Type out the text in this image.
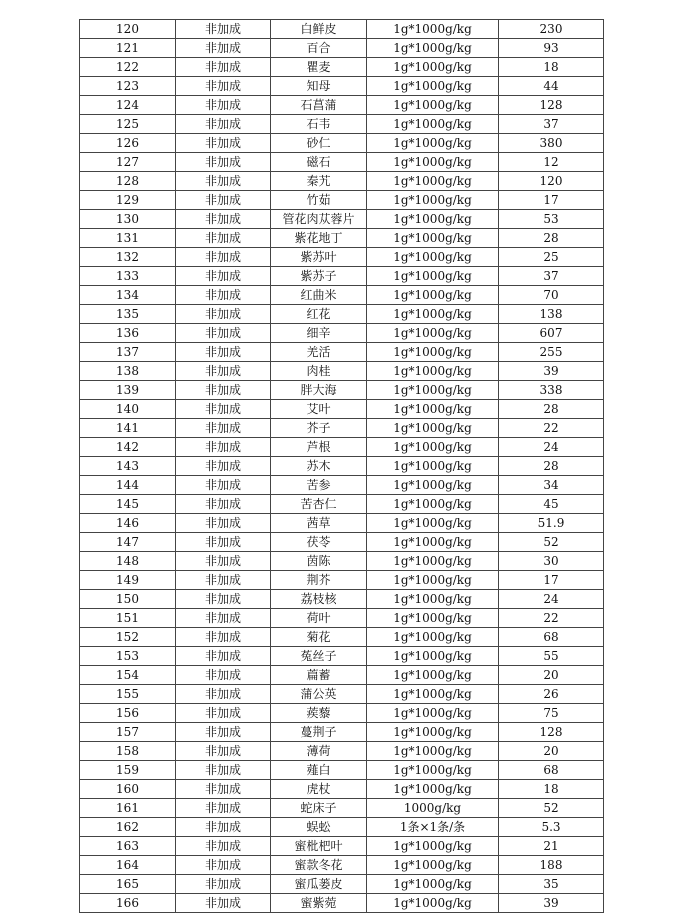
120	非加成	白鲜皮	1g*1000g/kg	230
121	非加成	百合	1g*1000g/kg	93
122	非加成	瞿麦	1g*1000g/kg	18
123	非加成	知母	1g*1000g/kg	44
124	非加成	石菖蒲	1g*1000g/kg	128
125	非加成	石韦	1g*1000g/kg	37
126	非加成	砂仁	1g*1000g/kg	380
127	非加成	磁石	1g*1000g/kg	12
128	非加成	秦艽	1g*1000g/kg	120
129	非加成	竹茹	1g*1000g/kg	17
130	非加成	管花肉苁蓉片	1g*1000g/kg	53
131	非加成	紫花地丁	1g*1000g/kg	28
132	非加成	紫苏叶	1g*1000g/kg	25
133	非加成	紫苏子	1g*1000g/kg	37
134	非加成	红曲米	1g*1000g/kg	70
135	非加成	红花	1g*1000g/kg	138
136	非加成	细辛	1g*1000g/kg	607
137	非加成	羌活	1g*1000g/kg	255
138	非加成	肉桂	1g*1000g/kg	39
139	非加成	胖大海	1g*1000g/kg	338
140	非加成	艾叶	1g*1000g/kg	28
141	非加成	芥子	1g*1000g/kg	22
142	非加成	芦根	1g*1000g/kg	24
143	非加成	苏木	1g*1000g/kg	28
144	非加成	苦参	1g*1000g/kg	34
145	非加成	苦杏仁	1g*1000g/kg	45
146	非加成	茜草	1g*1000g/kg	51.9
147	非加成	茯苓	1g*1000g/kg	52
148	非加成	茵陈	1g*1000g/kg	30
149	非加成	荆芥	1g*1000g/kg	17
150	非加成	荔枝核	1g*1000g/kg	24
151	非加成	荷叶	1g*1000g/kg	22
152	非加成	菊花	1g*1000g/kg	68
153	非加成	菟丝子	1g*1000g/kg	55
154	非加成	萹蓄	1g*1000g/kg	20
155	非加成	蒲公英	1g*1000g/kg	26
156	非加成	蒺藜	1g*1000g/kg	75
157	非加成	蔓荆子	1g*1000g/kg	128
158	非加成	薄荷	1g*1000g/kg	20
159	非加成	薤白	1g*1000g/kg	68
160	非加成	虎杖	1g*1000g/kg	18
161	非加成	蛇床子	1000g/kg	52
162	非加成	蜈蚣	1条×1条/条	5.3
163	非加成	蜜枇杷叶	1g*1000g/kg	21
164	非加成	蜜款冬花	1g*1000g/kg	188
165	非加成	蜜瓜蒌皮	1g*1000g/kg	35
166	非加成	蜜紫菀	1g*1000g/kg	39
